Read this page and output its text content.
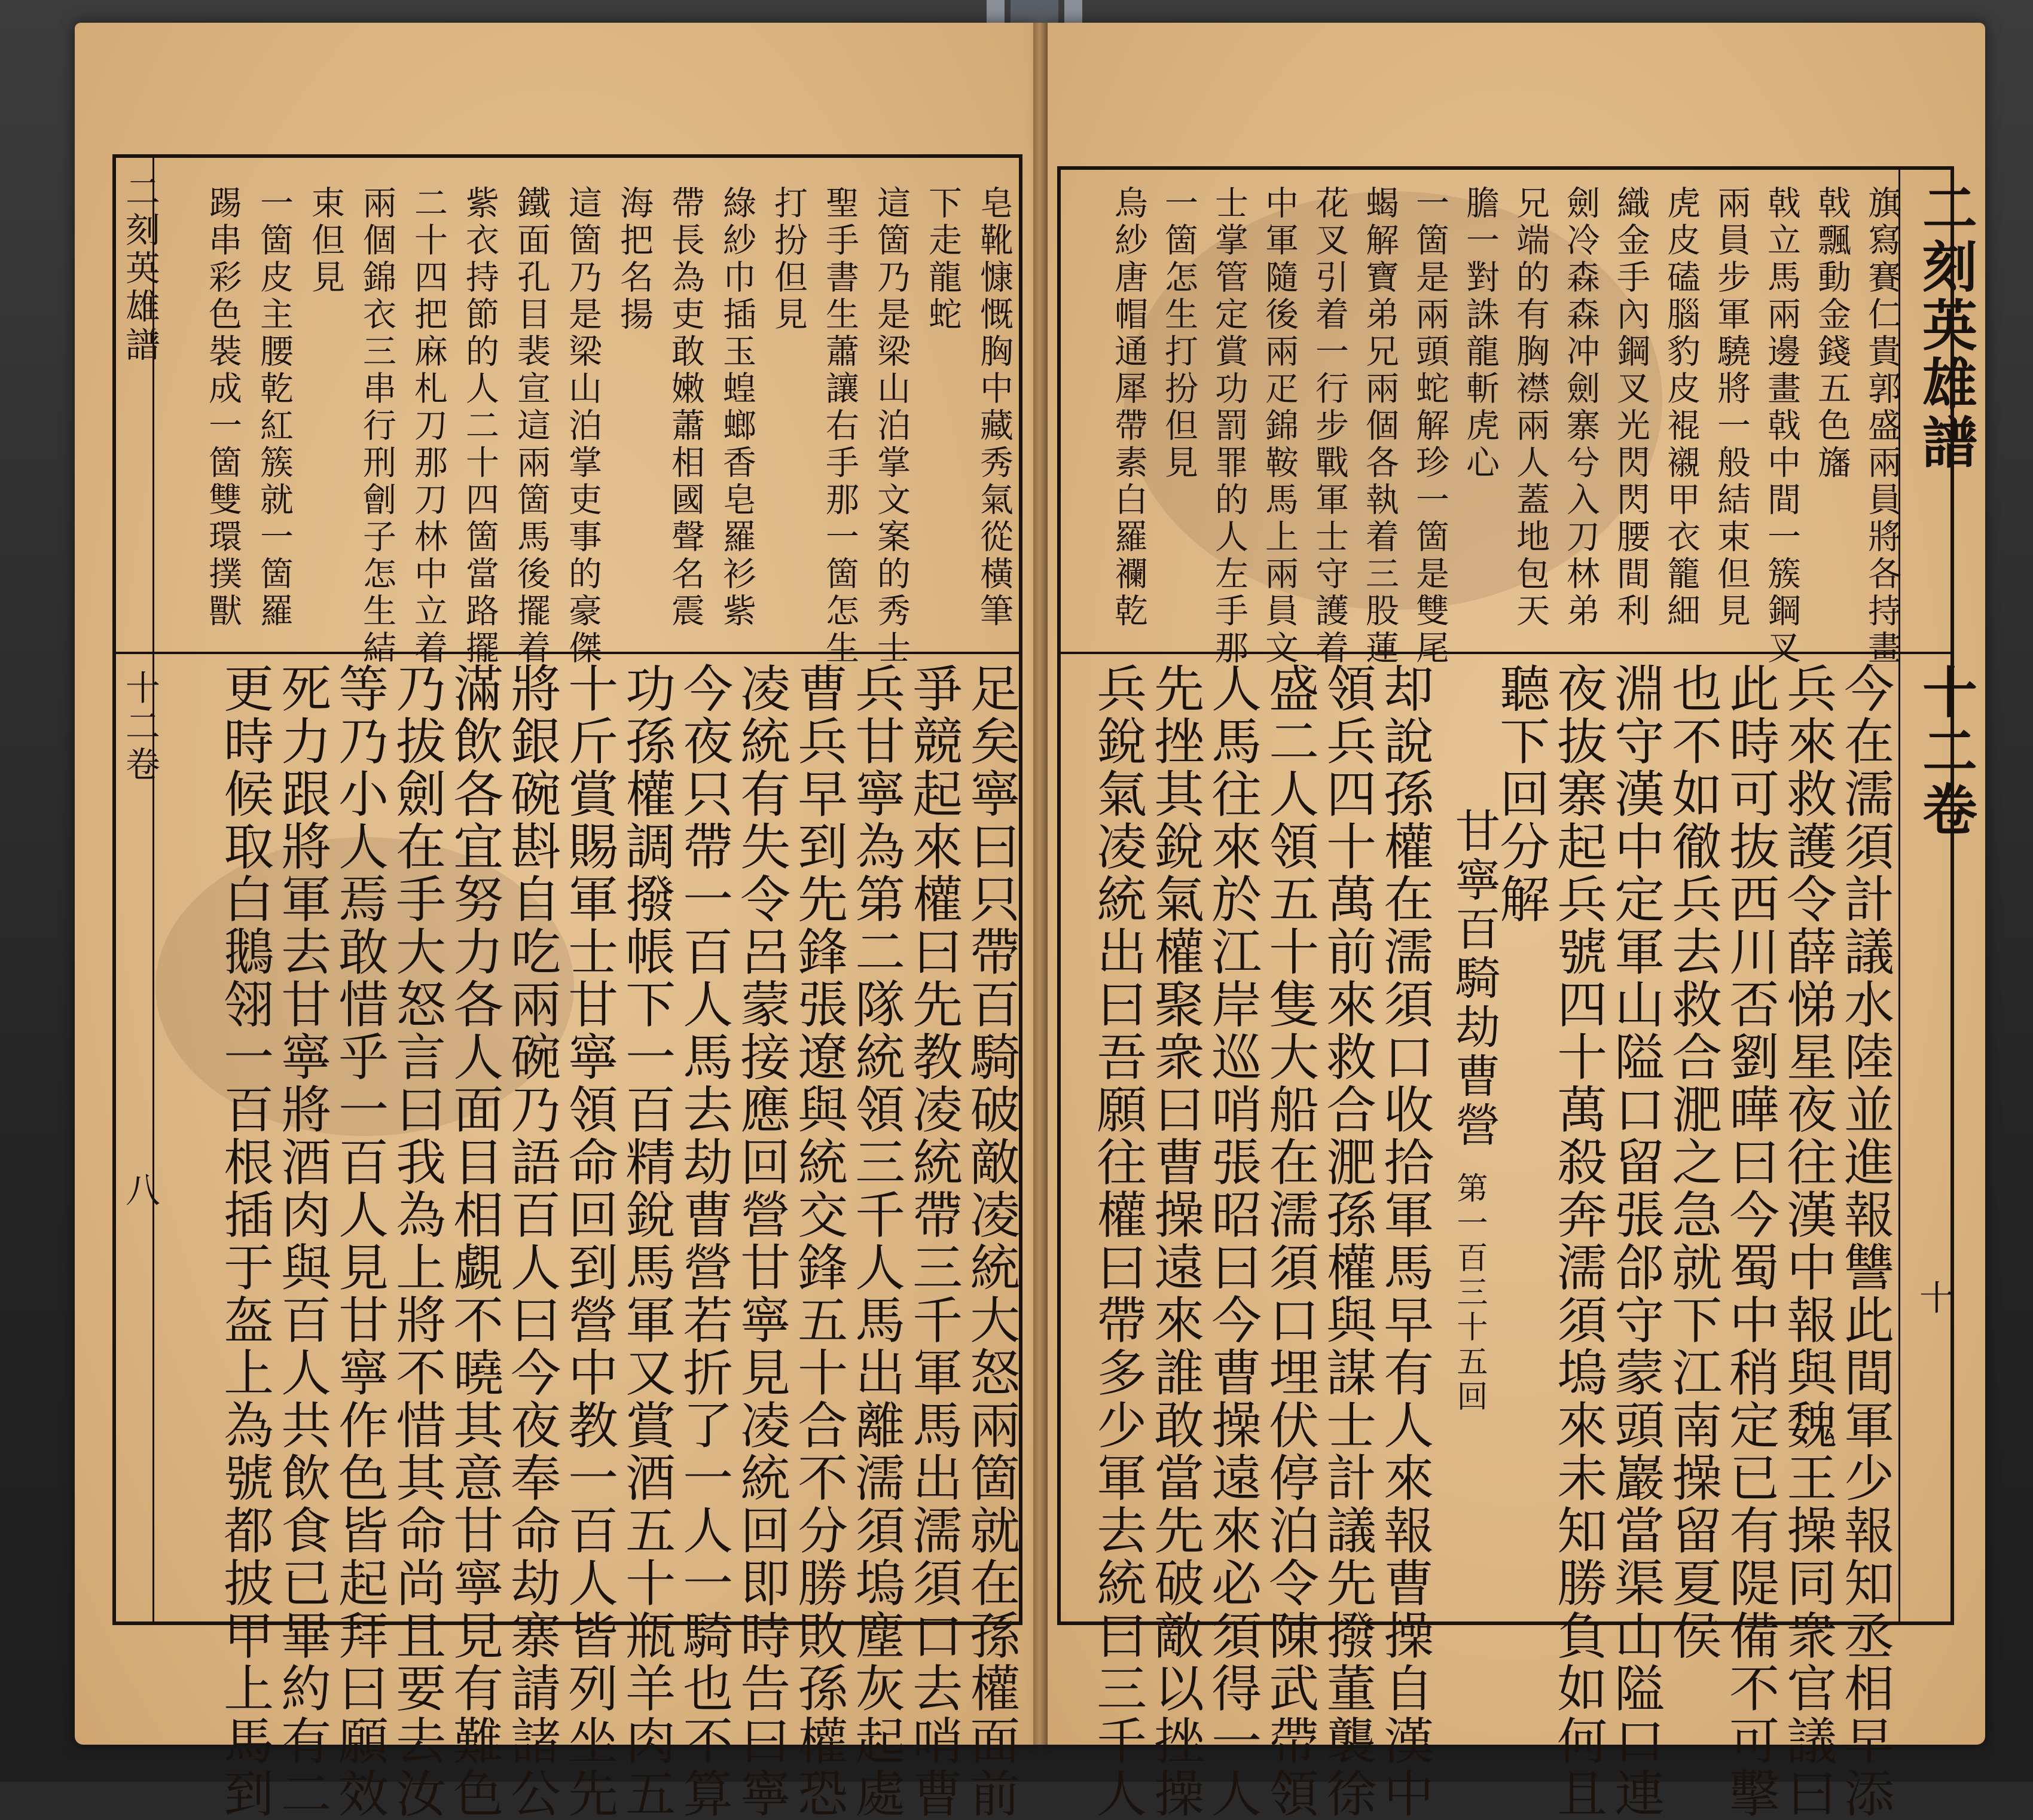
二刻英雄譜
十二卷
八
皂靴慷慨胸中藏秀氣從橫筆
下走龍蛇
這箇乃是梁山泊掌文案的秀士
聖手書生蕭讓右手那一箇怎生
打扮但見
綠紗巾插玉蝗螂香皂羅衫紫
帶長為吏敢嫩蕭相國聲名震
海把名揚
這箇乃是梁山泊掌吏事的豪傑
鐵面孔目裴宣這兩箇馬後擺着
紫衣持節的人二十四箇當路擺
二十四把麻札刀那刀林中立着
兩個錦衣三串行刑劊子怎生結
束但見
一箇皮主腰乾紅簇就一箇羅
踢串彩色裝成一箇雙環撲獸
足矣寧曰只帶百騎破敵凌統大怒兩箇就在孫權面前
爭競起來權曰先教凌統帶三千軍馬出濡須口去哨曹
兵甘寧為第二隊統領三千人馬出離濡須塢塵灰起處
曹兵早到先鋒張遼與統交鋒五十合不分勝敗孫權恐
凌統有失令呂蒙接應回營甘寧見凌統回即時告曰寧
今夜只帶一百人馬去劫曹營若折了一人一騎也不算
功孫權調撥帳下一百精銳馬軍又賞酒五十瓶羊肉五
十斤賞賜軍士甘寧領命回到營中教一百人皆列坐先
將銀碗斟自吃兩碗乃語百人曰今夜奉命劫寨請諸公
滿飲各宜努力各人面目相覷不曉其意甘寧見有難色
乃拔劍在手大怒言曰我為上將不惜其命尚且要去汝
等乃小人焉敢惜乎一百人見甘寧作色皆起拜曰願效
死力跟將軍去甘寧將酒肉與百人共飲食已畢約有二
更時候取白鵝翎一百根插于盔上為號都披甲上馬到
二刻英雄譜
十二卷
十
旗寫賽仁貴郭盛兩員將各持畫
戟飄動金錢五色旛
戟立馬兩邊畫戟中間一簇鋼叉
兩員步軍驍將一般結束但見
虎皮磕腦豹皮裩襯甲衣籠細
織金手內鋼叉光閃閃腰間利
劍冷森森冲劍寨兮入刀林弟
兄端的有胸襟兩人蓋地包天
膽一對誅龍斬虎心
一箇是兩頭蛇解珍一箇是雙尾
蝎解寶弟兄兩個各執着三股蓮
花叉引着一行步戰軍士守護着
中軍隨後兩疋錦鞍馬上兩員文
士掌管定賞功罰罪的人左手那
一箇怎生打扮但見
烏紗唐帽通犀帶素白羅襴乾
今在濡須計議水陸並進報讐此間軍少報知丞相早添
兵來救護令薛悌星夜往漢中報與魏王操同衆官議曰
此時可抜西川否劉曄曰今蜀中稍定已有隄備不可擊
也不如徹兵去救合淝之急就下江南操留夏侯
淵守漢中定軍山隘口留張郃守蒙頭巖當渠山隘口連
夜抜寨起兵號四十萬殺奔濡須塢來未知勝負如何且
聽下回分解
甘寧百騎劫曹營
第一百三十五回
却說孫權在濡須口收拾軍馬早有人來報曹操自漢中
領兵四十萬前來救合淝孫權與謀士計議先撥董襲徐
盛二人領五十隻大船在濡須口埋伏停泊令陳武帶領
人馬往來於江岸巡哨張昭曰今曹操遠來必須得一人
先挫其銳氣權聚衆曰曹操遠來誰敢當先破敵以挫操
兵銳氣凌統出曰吾願往權曰帶多少軍去統曰三千人
